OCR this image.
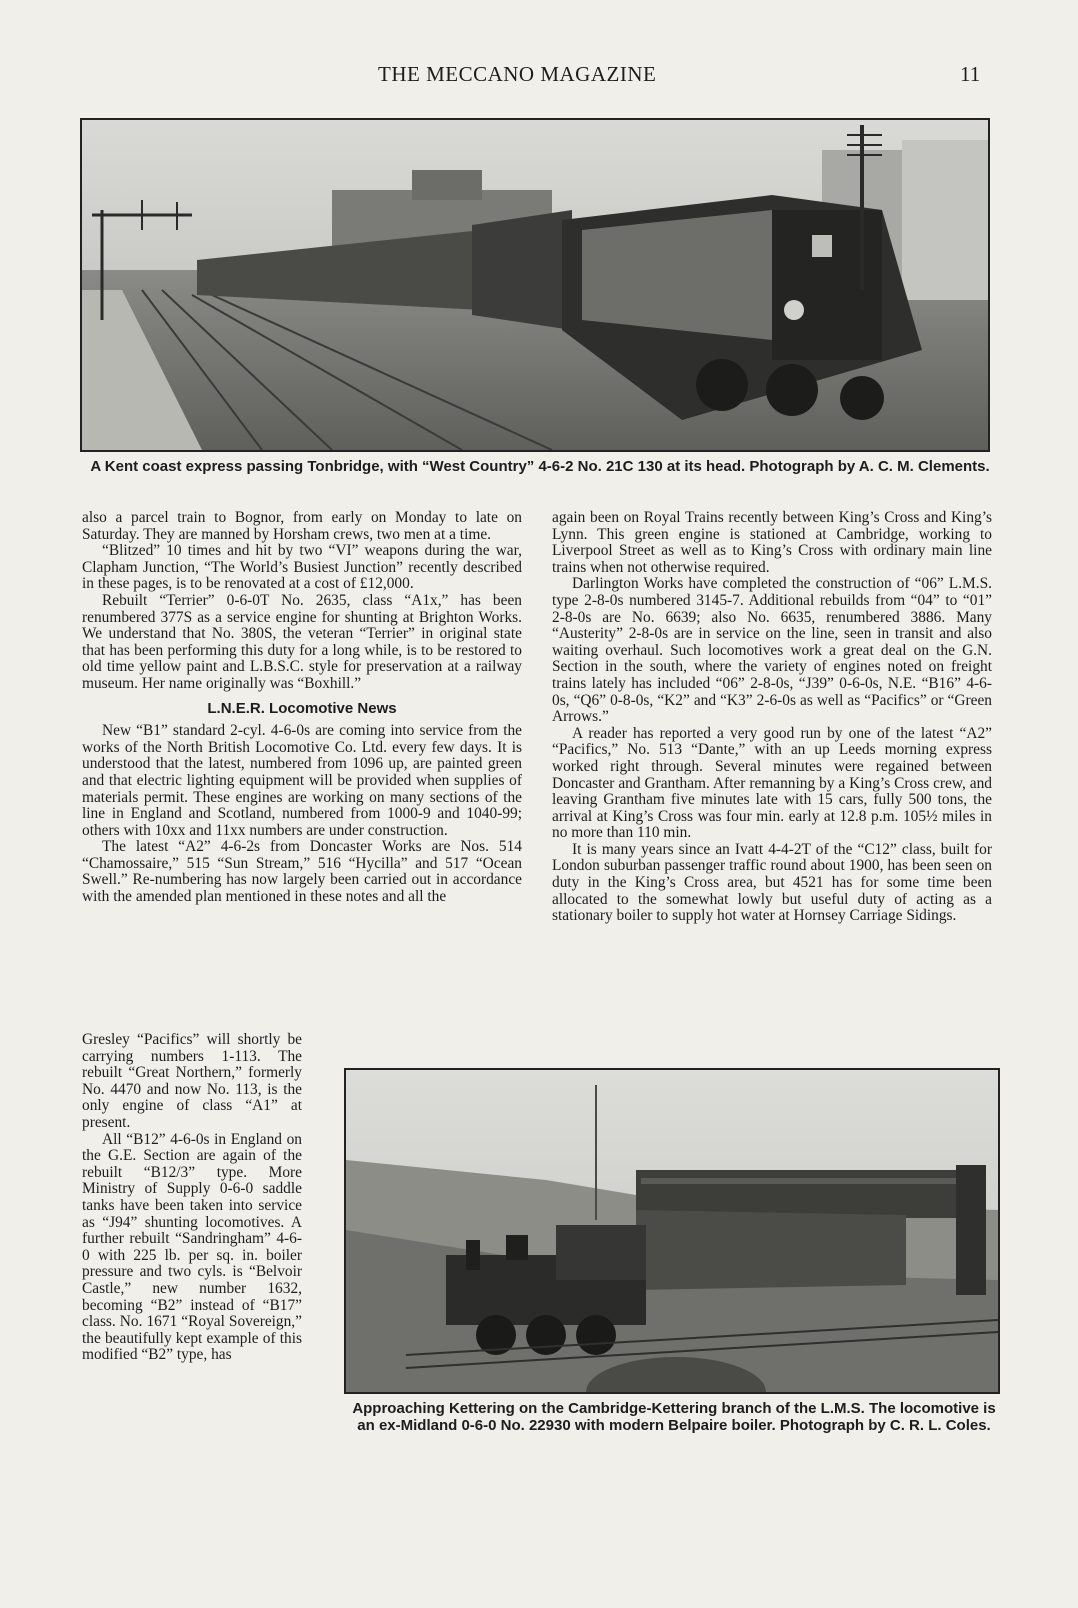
THE MECCANO MAGAZINE	11
A Kent coast express passing Tonbridge, with “West Country” 4-6-2 No. 21C 130 at its head. Photograph by A. C. M. Clements.

also a parcel train to Bognor, from early on Monday to late on Saturday. They are manned by Horsham crews, two men at a time.

“Blitzed” 10 times and hit by two “VI” weapons during the war, Clapham Junction, “The World’s Busiest Junction” recently described in these pages, is to be renovated at a cost of £12,000.

Rebuilt “Terrier” 0-6-0T No. 2635, class “A1x,” has been renumbered 377S as a service engine for shunting at Brighton Works. We understand that No. 380S, the veteran “Terrier” in original state that has been performing this duty for a long while, is to be restored to old time yellow paint and L.B.S.C. style for preservation at a railway museum. Her name originally was “Boxhill.”

L.N.E.R. Locomotive News

New “B1” standard 2-cyl. 4-6-0s are coming into service from the works of the North British Locomotive Co. Ltd. every few days. It is understood that the latest, numbered from 1096 up, are painted green and that electric lighting equipment will be provided when supplies of materials permit. These engines are working on many sections of the line in England and Scotland, numbered from 1000-9 and 1040-99; others with 10xx and 11xx numbers are under construction.

The latest “A2” 4-6-2s from Doncaster Works are Nos. 514 “Chamossaire,” 515 “Sun Stream,” 516 “Hycilla” and 517 “Ocean Swell.” Re-numbering has now largely been carried out in accordance with the amended plan mentioned in these notes and all the

Gresley “Pacifics” will shortly be carrying numbers 1-113. The rebuilt “Great Northern,” formerly No. 4470 and now No. 113, is the only engine of class “A1” at present.

All “B12” 4-6-0s in England on the G.E. Section are again of the rebuilt “B12/3” type. More Ministry of Supply 0-6-0 saddle tanks have been taken into service as “J94” shunting locomotives. A further rebuilt “Sandringham” 4-6-0 with 225 lb. per sq. in. boiler pressure and two cyls. is “Belvoir Castle,” new number 1632, becoming “B2” instead of “B17” class. No. 1671 “Royal Sovereign,” the beautifully kept example of this modified “B2” type, has

again been on Royal Trains recently between King’s Cross and King’s Lynn. This green engine is stationed at Cambridge, working to Liverpool Street as well as to King’s Cross with ordinary main line trains when not otherwise required.

Darlington Works have completed the construction of “06” L.M.S. type 2-8-0s numbered 3145-7. Additional rebuilds from “04” to “01” 2-8-0s are No. 6639; also No. 6635, renumbered 3886. Many “Austerity” 2-8-0s are in service on the line, seen in transit and also waiting overhaul. Such locomotives work a great deal on the G.N. Section in the south, where the variety of engines noted on freight trains lately has included “06” 2-8-0s, “J39” 0-6-0s, N.E. “B16” 4-6-0s, “Q6” 0-8-0s, “K2” and “K3” 2-6-0s as well as “Pacifics” or “Green Arrows.”

A reader has reported a very good run by one of the latest “A2” “Pacifics,” No. 513 “Dante,” with an up Leeds morning express worked right through. Several minutes were regained between Doncaster and Grantham. After remanning by a King’s Cross crew, and leaving Grantham five minutes late with 15 cars, fully 500 tons, the arrival at King’s Cross was four min. early at 12.8 p.m. 105½ miles in no more than 110 min.

It is many years since an Ivatt 4-4-2T of the “C12” class, built for London suburban passenger traffic round about 1900, has been seen on duty in the King’s Cross area, but 4521 has for some time been allocated to the somewhat lowly but useful duty of acting as a stationary boiler to supply hot water at Hornsey Carriage Sidings.

Approaching Kettering on the Cambridge-Kettering branch of the L.M.S. The locomotive is an ex-Midland 0-6-0 No. 22930 with modern Belpaire boiler. Photograph by C. R. L. Coles.
